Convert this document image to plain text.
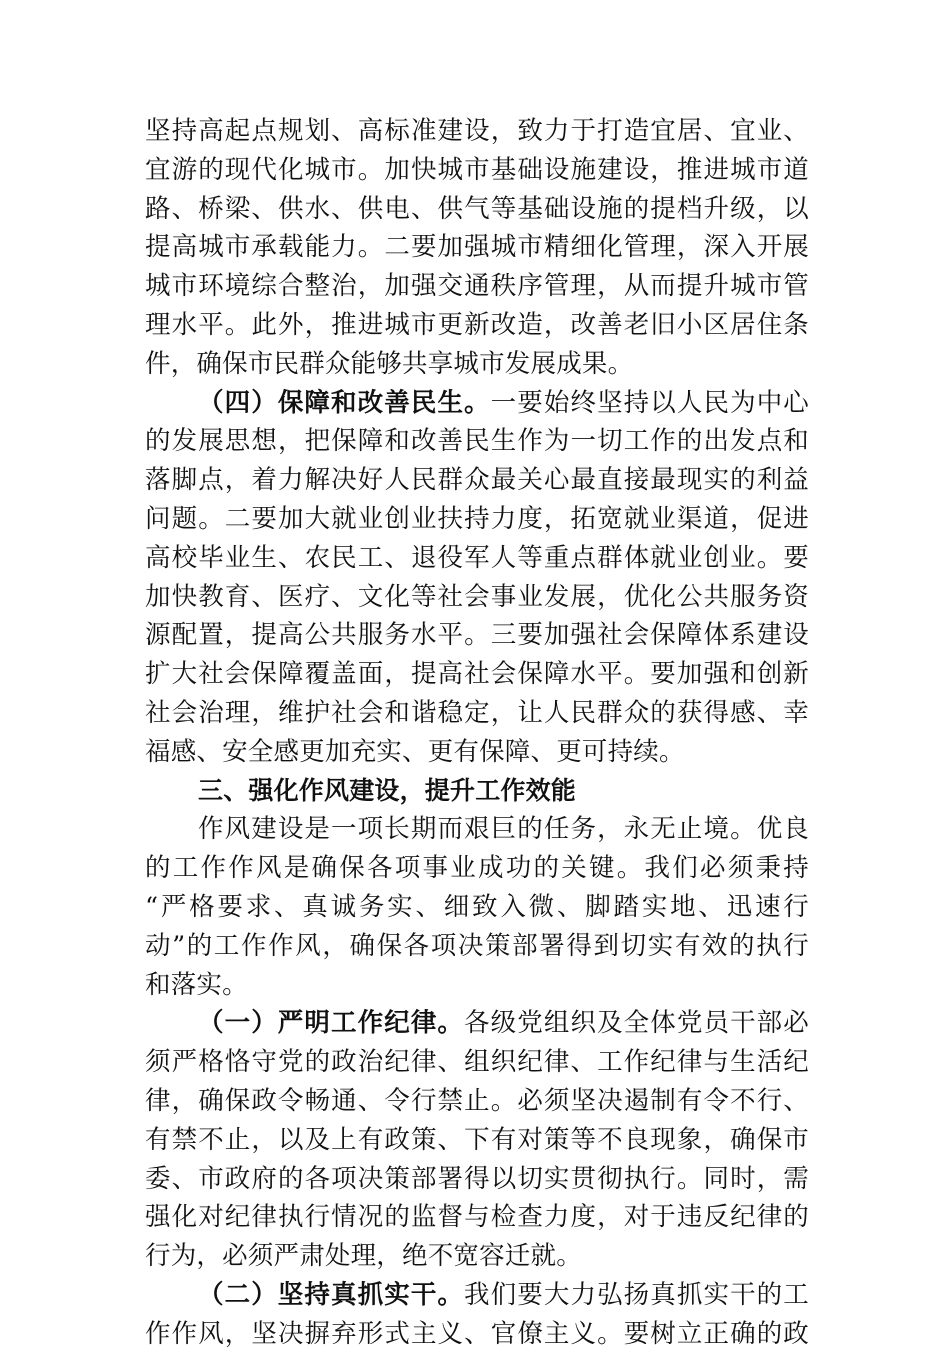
坚持高起点规划、高标准建设，致力于打造宜居、宜业、
宜游的现代化城市。加快城市基础设施建设，推进城市道
路、桥梁、供水、供电、供气等基础设施的提档升级，以
提高城市承载能力。二要加强城市精细化管理，深入开展
城市环境综合整治，加强交通秩序管理，从而提升城市管
理水平。此外，推进城市更新改造，改善老旧小区居住条
件，确保市民群众能够共享城市发展成果。
（四）保障和改善民生。一要始终坚持以人民为中心
的发展思想，把保障和改善民生作为一切工作的出发点和
落脚点，着力解决好人民群众最关心最直接最现实的利益
问题。二要加大就业创业扶持力度，拓宽就业渠道，促进
高校毕业生、农民工、退役军人等重点群体就业创业。要
加快教育、医疗、文化等社会事业发展，优化公共服务资
源配置，提高公共服务水平。三要加强社会保障体系建设
扩大社会保障覆盖面，提高社会保障水平。要加强和创新
社会治理，维护社会和谐稳定，让人民群众的获得感、幸
福感、安全感更加充实、更有保障、更可持续。
三、强化作风建设，提升工作效能
作风建设是一项长期而艰巨的任务，永无止境。优良
的工作作风是确保各项事业成功的关键。我们必须秉持
“严格要求、真诚务实、细致入微、脚踏实地、迅速行
动”的工作作风，确保各项决策部署得到切实有效的执行
和落实。
（一）严明工作纪律。各级党组织及全体党员干部必
须严格恪守党的政治纪律、组织纪律、工作纪律与生活纪
律，确保政令畅通、令行禁止。必须坚决遏制有令不行、
有禁不止，以及上有政策、下有对策等不良现象，确保市
委、市政府的各项决策部署得以切实贯彻执行。同时，需
强化对纪律执行情况的监督与检查力度，对于违反纪律的
行为，必须严肃处理，绝不宽容迁就。
（二）坚持真抓实干。我们要大力弘扬真抓实干的工
作作风，坚决摒弃形式主义、官僚主义。要树立正确的政
